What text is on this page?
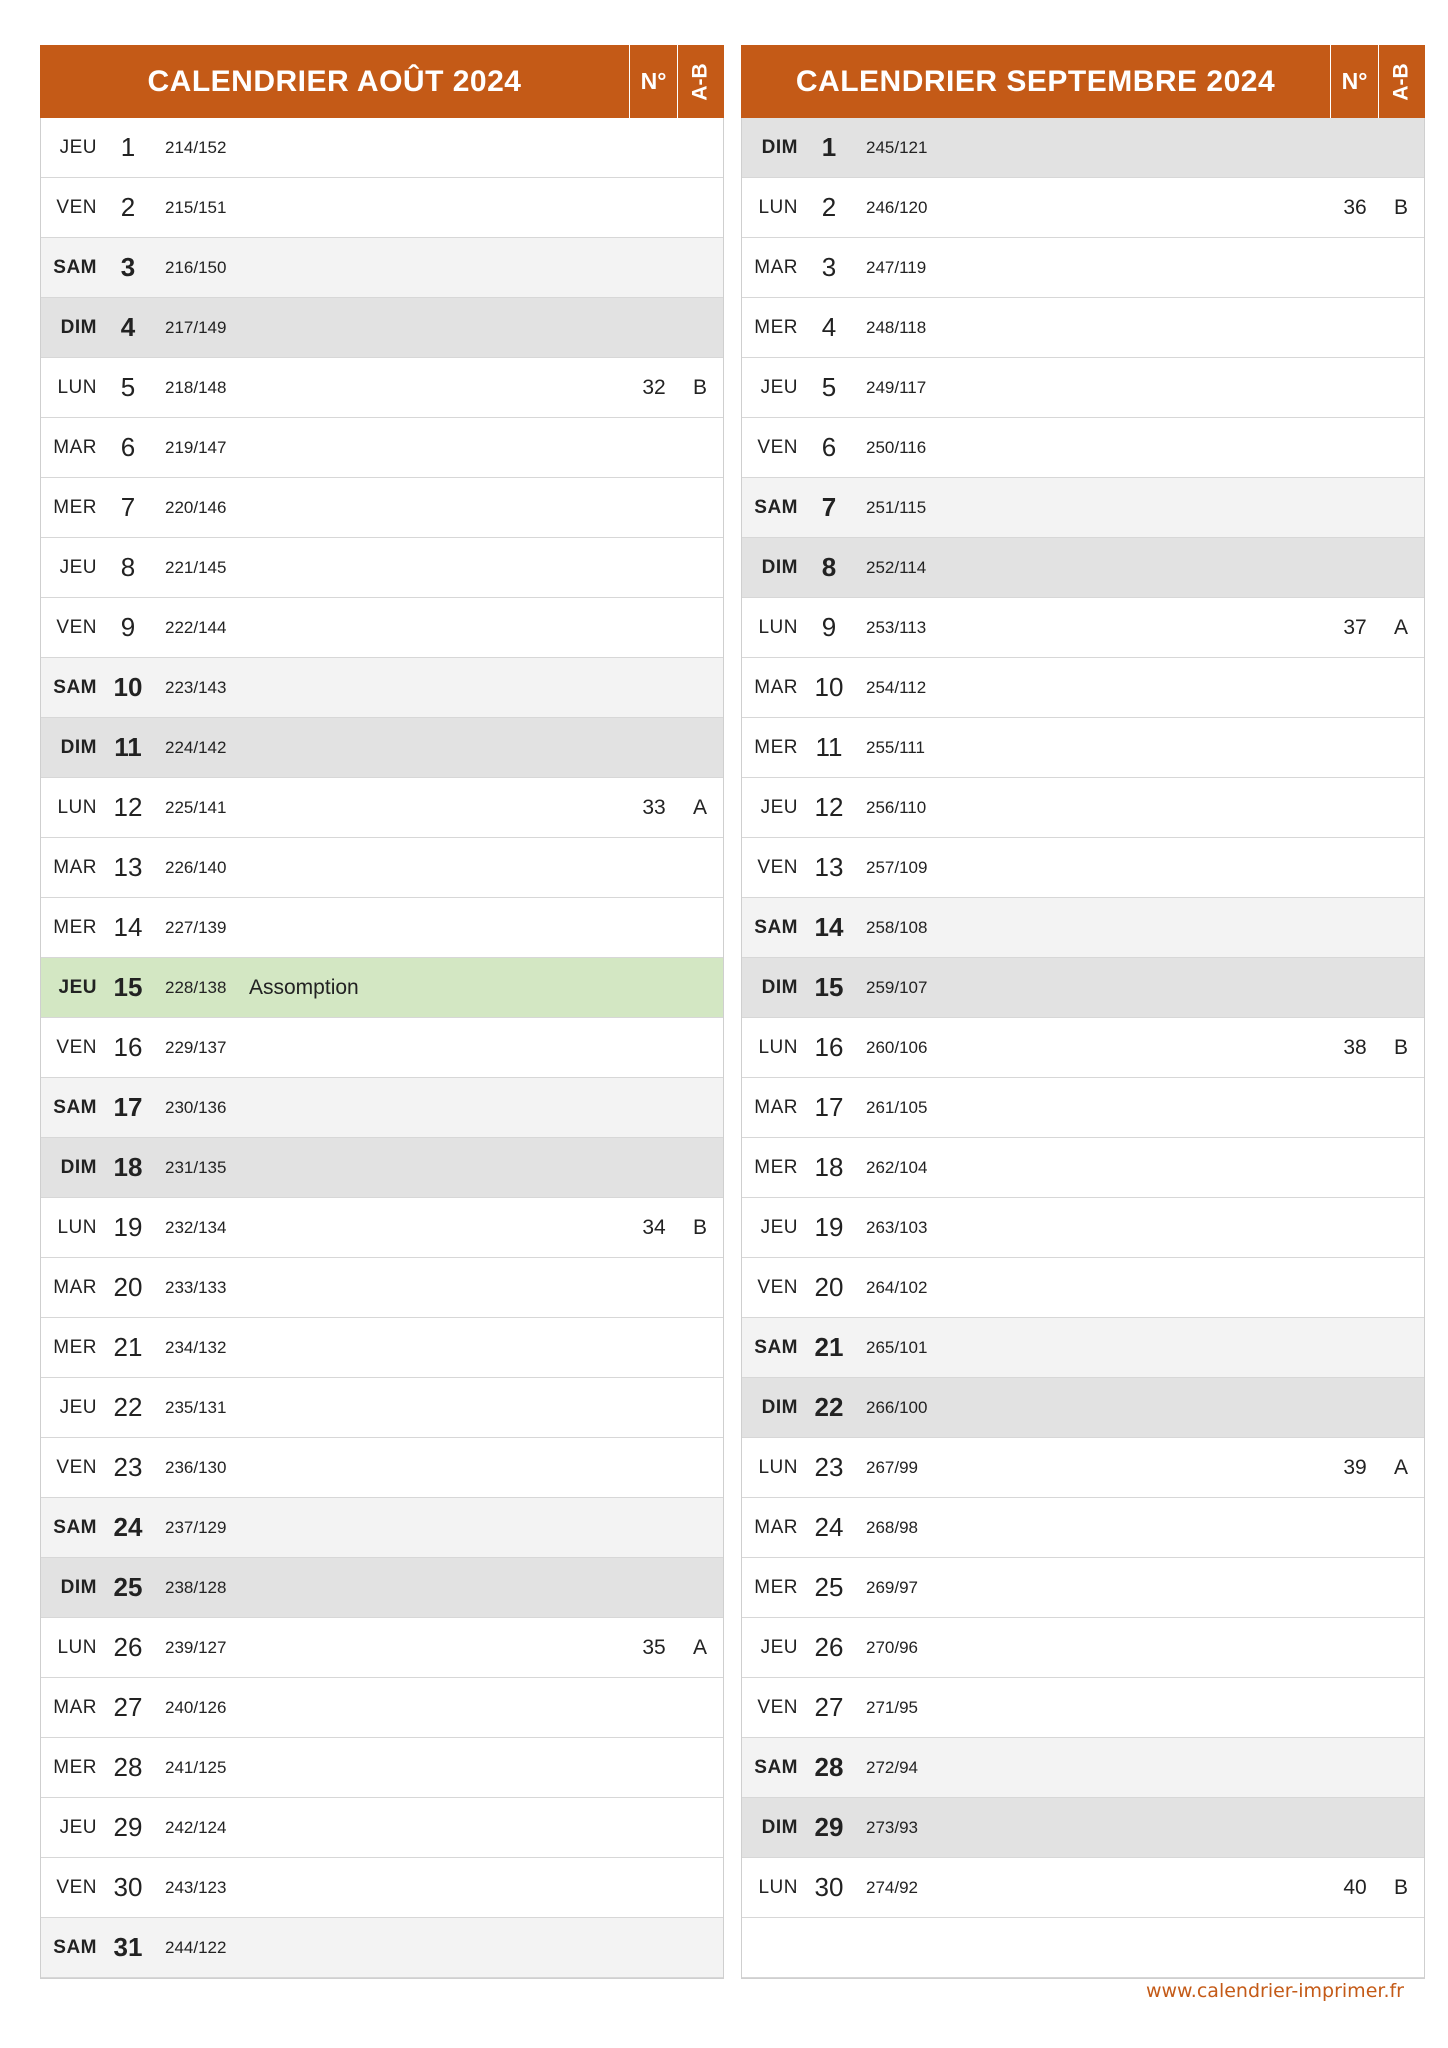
CALENDRIER AOÛT 2024	N°	A-B
JEU 1	214/152
VEN 2	215/151
SAM 3	216/150
DIM 4	217/149
LUN 5	218/148	32	B
MAR 6	219/147
MER 7	220/146
JEU 8	221/145
VEN 9	222/144
SAM 10	223/143
DIM 11	224/142
LUN 12	225/141	33	A
MAR 13	226/140
MER 14	227/139
JEU 15	228/138	Assomption
VEN 16	229/137
SAM 17	230/136
DIM 18	231/135
LUN 19	232/134	34	B
MAR 20	233/133
MER 21	234/132
JEU 22	235/131
VEN 23	236/130
SAM 24	237/129
DIM 25	238/128
LUN 26	239/127	35	A
MAR 27	240/126
MER 28	241/125
JEU 29	242/124
VEN 30	243/123
SAM 31	244/122
CALENDRIER SEPTEMBRE 2024	N°	A-B
DIM 1	245/121
LUN 2	246/120	36	B
MAR 3	247/119
MER 4	248/118
JEU 5	249/117
VEN 6	250/116
SAM 7	251/115
DIM 8	252/114
LUN 9	253/113	37	A
MAR 10	254/112
MER 11	255/111
JEU 12	256/110
VEN 13	257/109
SAM 14	258/108
DIM 15	259/107
LUN 16	260/106	38	B
MAR 17	261/105
MER 18	262/104
JEU 19	263/103
VEN 20	264/102
SAM 21	265/101
DIM 22	266/100
LUN 23	267/99	39	A
MAR 24	268/98
MER 25	269/97
JEU 26	270/96
VEN 27	271/95
SAM 28	272/94
DIM 29	273/93
LUN 30	274/92	40	B
www.calendrier-imprimer.fr
